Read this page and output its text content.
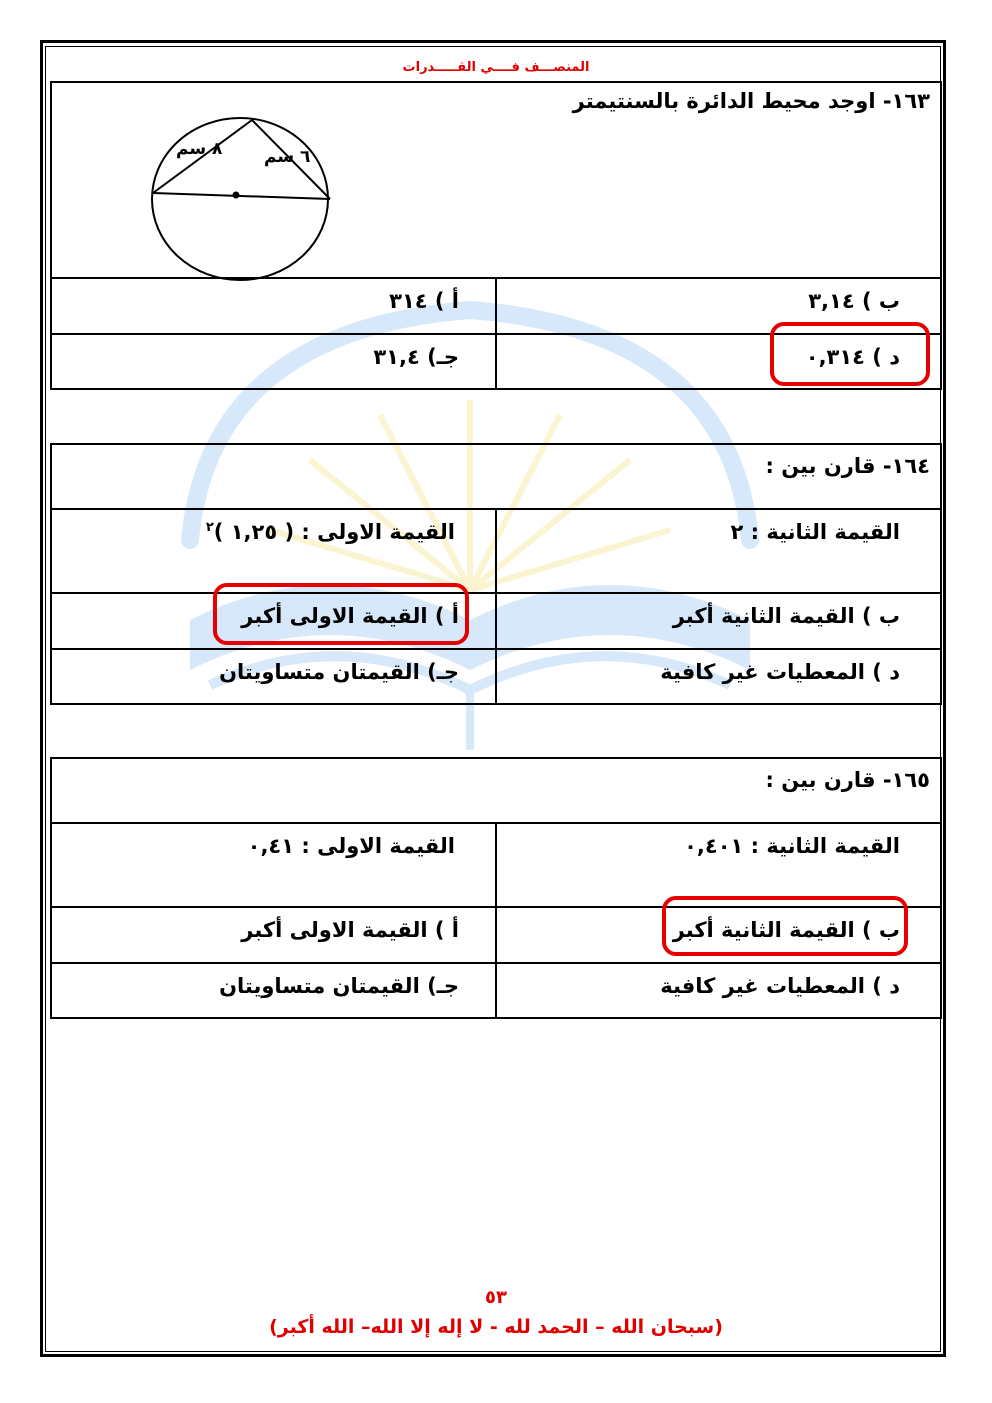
المنصـــف فــــي القـــــدرات
١٦٣- اوجد محيط الدائرة بالسنتيمتر
٨ سم ٦ سم
أ ) ٣١٤	ب ) ٣,١٤

جـ) ٣١,٤	د ) ٠,٣١٤
١٦٤- قارن بين :
القيمة الاولى : ( ١,٢٥ )$^٢$	القيمة الثانية : ٢

أ ) القيمة الاولى أكبر	ب ) القيمة الثانية أكبر

جـ) القيمتان متساويتان	د ) المعطيات غير كافية
١٦٥- قارن بين :
القيمة الاولى : ٠,٤١	القيمة الثانية : ٠,٤٠١

أ ) القيمة الاولى أكبر	ب ) القيمة الثانية أكبر

جـ) القيمتان متساويتان	د ) المعطيات غير كافية
٥٣
(سبحان الله – الحمد لله - لا إله إلا الله– الله أكبر)
